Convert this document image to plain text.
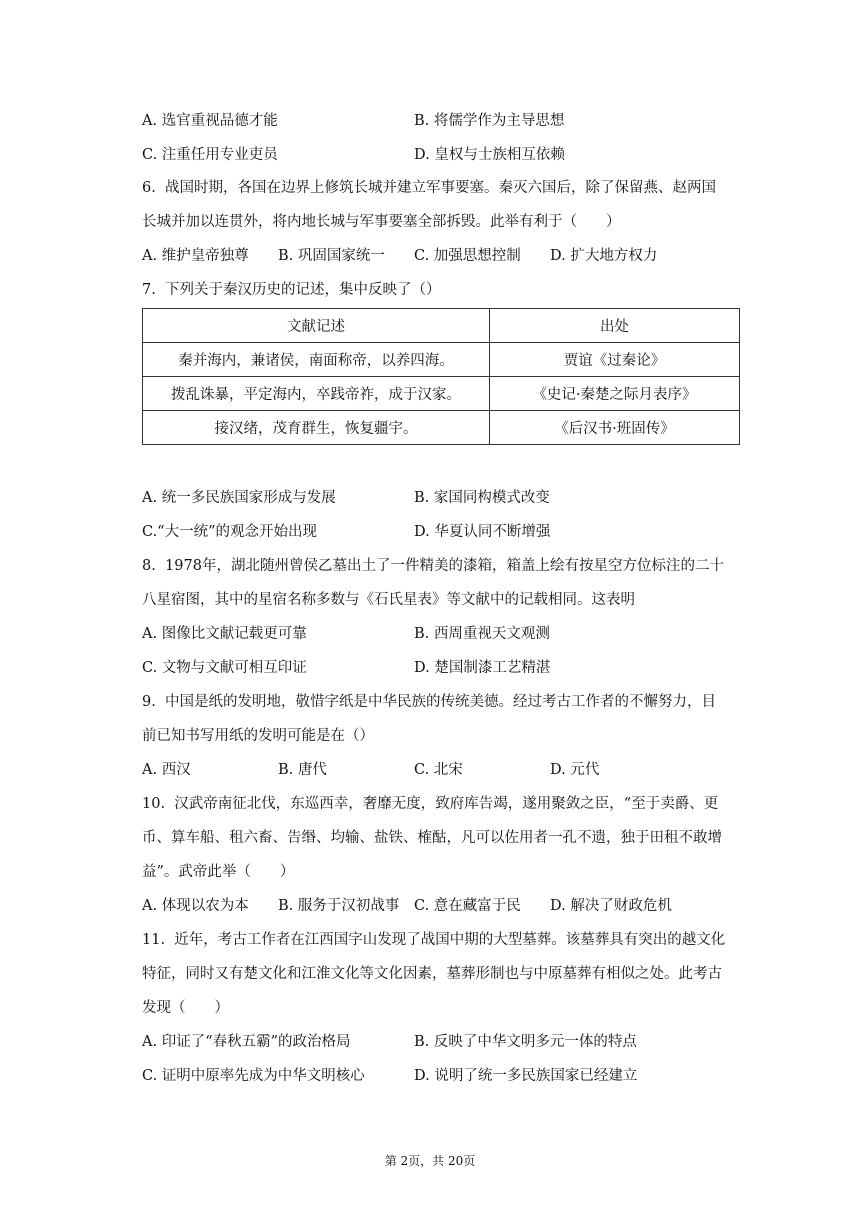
A. 选官重视品德才能	B. 将儒学作为主导思想
C. 注重任用专业吏员	D. 皇权与士族相互依赖
6.  战国时期，各国在边界上修筑长城并建立军事要塞。秦灭六国后，除了保留燕、赵两国
长城并加以连贯外，将内地长城与军事要塞全部拆毁。此举有利于（　　）
A. 维护皇帝独尊 B. 巩固国家统一 C. 加强思想控制 D. 扩大地方权力
7.  下列关于秦汉历史的记述，集中反映了（）
文献记述	出处
秦并海内，兼诸侯，南面称帝，以养四海。	贾谊《过秦论》
拨乱诛暴，平定海内，卒践帝祚，成于汉家。	《史记·秦楚之际月表序》
接汉绪，茂育群生，恢复疆宇。	《后汉书·班固传》
A. 统一多民族国家形成与发展	B. 家国同构模式改变
C.“大一统”的观念开始出现	D. 华夏认同不断增强
8.  1978年，湖北随州曾侯乙墓出土了一件精美的漆箱，箱盖上绘有按星空方位标注的二十
八星宿图，其中的星宿名称多数与《石氏星表》等文献中的记载相同。这表明
A. 图像比文献记载更可靠	B. 西周重视天文观测
C. 文物与文献可相互印证	D. 楚国制漆工艺精湛
9.  中国是纸的发明地，敬惜字纸是中华民族的传统美德。经过考古工作者的不懈努力，目
前已知书写用纸的发明可能是在（）
A. 西汉	B. 唐代	C. 北宋	D. 元代
10.  汉武帝南征北伐，东巡西幸，奢靡无度，致府库告竭，遂用聚敛之臣，“至于卖爵、更
币、算车船、租六畜、告缗、均输、盐铁、榷酤，凡可以佐用者一孔不遗，独于田租不敢增
益”。武帝此举（　　）
A. 体现以农为本 B. 服务于汉初战事 C. 意在藏富于民 D. 解决了财政危机
11.  近年，考古工作者在江西国字山发现了战国中期的大型墓葬。该墓葬具有突出的越文化
特征，同时又有楚文化和江淮文化等文化因素，墓葬形制也与中原墓葬有相似之处。此考古
发现（　　）
A. 印证了“春秋五霸”的政治格局	B. 反映了中华文明多元一体的特点
C. 证明中原率先成为中华文明核心	D. 说明了统一多民族国家已经建立
第 2页，共 20页
